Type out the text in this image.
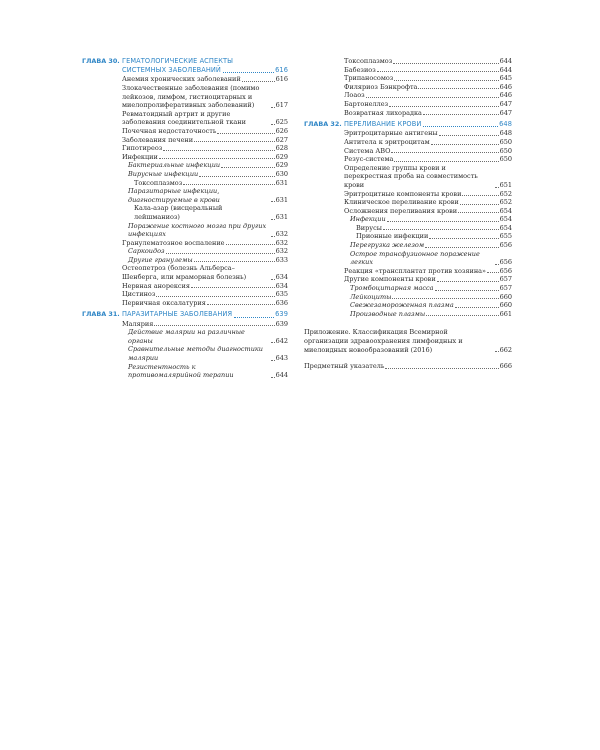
ГЛАВА 30. ГЕМАТОЛОГИЧЕСКИЕ АСПЕКТЫ
СИСТЕМНЫХ ЗАБОЛЕВАНИЙ	616
Анемия хронических заболеваний	616
Злокачественные заболевания (помимо лейкозов, лимфом, гистиоцитарных и миелопролиферативных заболеваний)	617
Ревматоидный артрит и другие заболевания соединительной ткани	625
Почечная недостаточность	626
Заболевания печени	627
Гипотиреоз	628
Инфекции	629
Бактериальные инфекции	629
Вирусные инфекции	630
Токсоплазмоз	631
Паразитарные инфекции, диагностируемые в крови	631
Кала-азар (висцеральный лейшманиоз)	631
Поражение костного мозга при других инфекциях	632
Гранулематозное воспаление	632
Саркоидоз	632
Другие гранулемы	633
Остеопетроз (болезнь Альберса–Шенберга, или мраморная болезнь)	634
Нервная анорексия	634
Цистиноз	635
Первичная оксалатурия	636
ГЛАВА 31. ПАРАЗИТАРНЫЕ ЗАБОЛЕВАНИЯ	639
Малярия	639
Действие малярии на различные органы	642
Сравнительные методы диагностики малярии	643
Резистентность к противомалярийной терапии	644
Токсоплазмоз	644
Бабезиоз	644
Трипаносомоз	645
Филяриоз Бэнкрофта	646
Лоаоз	646
Бартонеллез	647
Возвратная лихорадка	647
ГЛАВА 32. ПЕРЕЛИВАНИЕ КРОВИ	648
Эритроцитарные антигены	648
Антитела к эритроцитам	650
Система АВО	650
Резус-система	650
Определение группы крови и перекрестная проба на совместимость крови	651
Эритроцитные компоненты крови	652
Клиническое переливание крови	652
Осложнения переливания крови	654
Инфекции	654
Вирусы	654
Прионные инфекции	655
Перегрузка железом	656
Острое трансфузионное поражение легких	656
Реакция «трансплантат против хозяина» 656
Другие компоненты крови	657
Тромбоцитарная масса	657
Лейкоциты	660
Свежезамороженная плазма	660
Производные плазмы	661
Приложение. Классификация Всемирной организации здравоохранения лимфоидных и миелоидных новообразований (2016)	662
Предметный указатель	666
